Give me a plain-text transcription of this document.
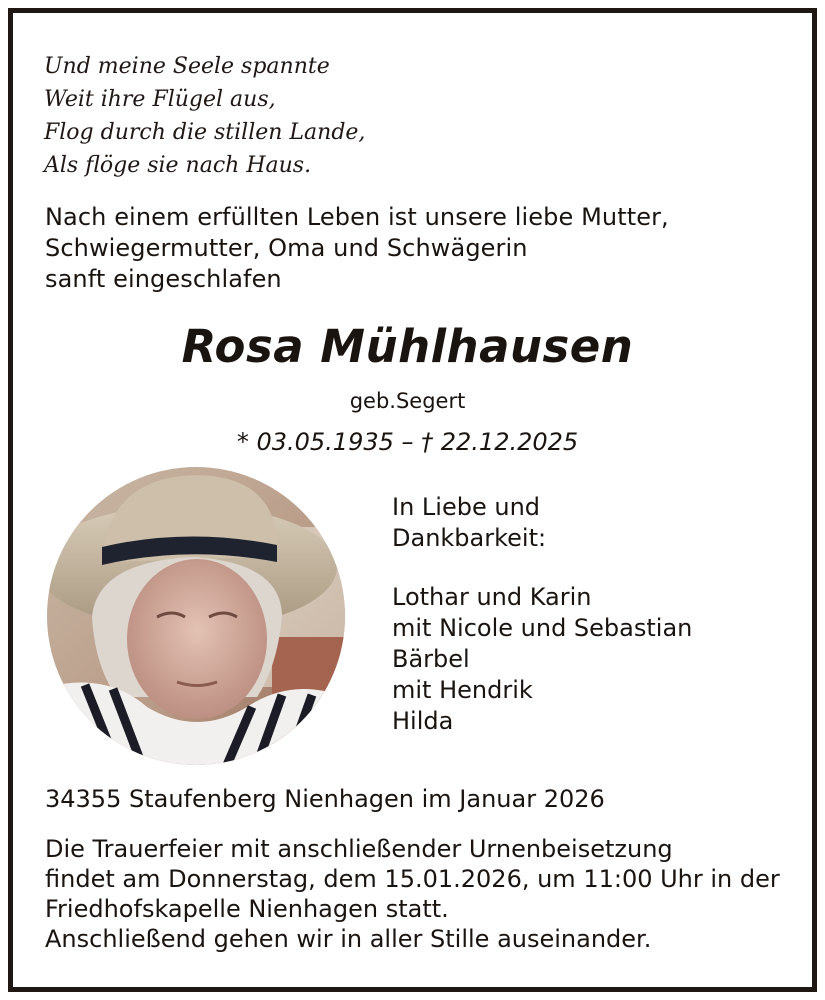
Und meine Seele spannte
Weit ihre Flügel aus,
Flog durch die stillen Lande,
Als flöge sie nach Haus.
Nach einem erfüllten Leben ist unsere liebe Mutter,
Schwiegermutter, Oma und Schwägerin
sanft eingeschlafen
Rosa Mühlhausen
geb.Segert
* 03.05.1935 – † 22.12.2025
In Liebe und
Dankbarkeit:
Lothar und Karin
mit Nicole und Sebastian
Bärbel
mit Hendrik
Hilda
34355 Staufenberg Nienhagen im Januar 2026
Die Trauerfeier mit anschließender Urnenbeisetzung
findet am Donnerstag, dem 15.01.2026, um 11:00 Uhr in der
Friedhofskapelle Nienhagen statt.
Anschließend gehen wir in aller Stille auseinander.
